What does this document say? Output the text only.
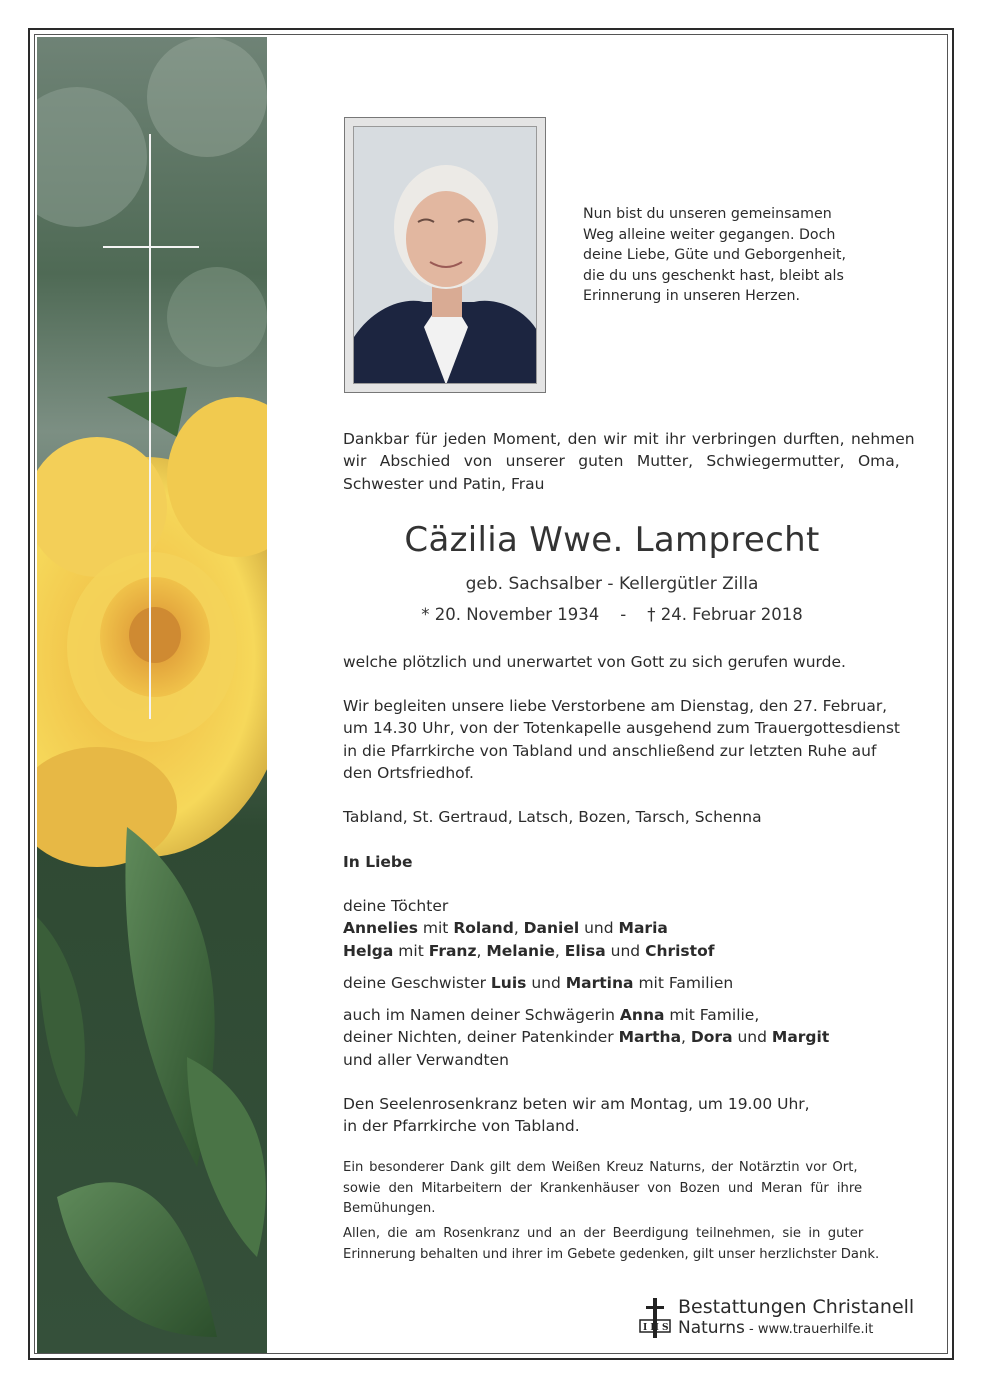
Nun bist du unseren gemeinsamen
Weg alleine weiter gegangen. Doch
deine Liebe, Güte und Geborgenheit,
die du uns geschenkt hast, bleibt als
Erinnerung in unseren Herzen.
Dankbar für jeden Moment, den wir mit ihr verbringen durften, nehmen
wir Abschied von unserer guten Mutter, Schwiegermutter, Oma,
Schwester und Patin, Frau
Cäzilia Wwe. Lamprecht
geb. Sachsalber - Kellergütler Zilla
* 20. November 1934    -    † 24. Februar 2018
welche plötzlich und unerwartet von Gott zu sich gerufen wurde.
Wir begleiten unsere liebe Verstorbene am Dienstag, den 27. Februar,
um 14.30 Uhr, von der Totenkapelle ausgehend zum Trauergottesdienst
in die Pfarrkirche von Tabland und anschließend zur letzten Ruhe auf
den Ortsfriedhof.
Tabland, St. Gertraud, Latsch, Bozen, Tarsch, Schenna
In Liebe
deine Töchter
Annelies mit Roland, Daniel und Maria
Helga mit Franz, Melanie, Elisa und Christof
deine Geschwister Luis und Martina mit Familien
auch im Namen deiner Schwägerin Anna mit Familie,
deiner Nichten, deiner Patenkinder Martha, Dora und Margit
und aller Verwandten
Den Seelenrosenkranz beten wir am Montag, um 19.00 Uhr,
in der Pfarrkirche von Tabland.
Ein besonderer Dank gilt dem Weißen Kreuz Naturns, der Notärztin vor Ort,
sowie den Mitarbeitern der Krankenhäuser von Bozen und Meran für ihre
Bemühungen.
Allen, die am Rosenkranz und an der Beerdigung teilnehmen, sie in guter
Erinnerung behalten und ihrer im Gebete gedenken, gilt unser herzlichster Dank.
I H S
Bestattungen Christanell
Naturns - www.trauerhilfe.it
